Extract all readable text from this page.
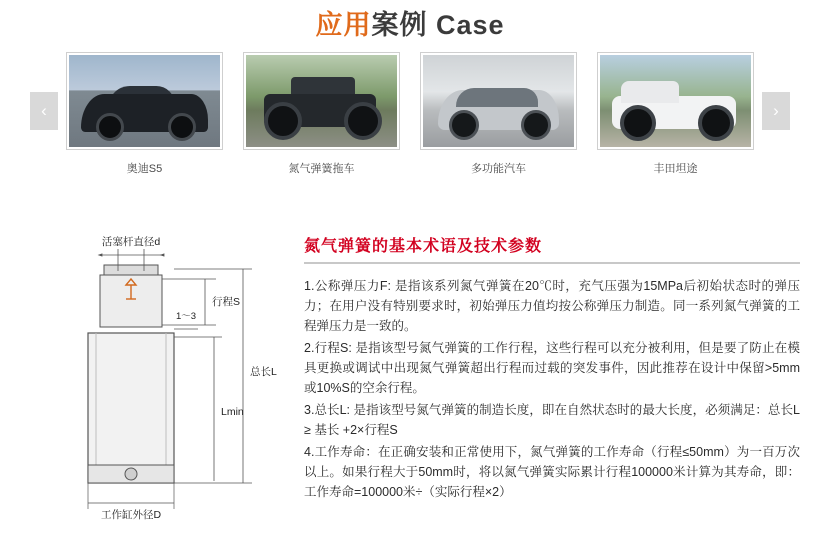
应用案例 Case
‹	›
奥迪S5	氮气弹簧拖车	多功能汽车	丰田坦途
活塞杆直径d
行程S
1～3
总长L
Lmin
工作缸外径D
氮气弹簧的基本术语及技术参数

1.公称弹压力F: 是指该系列氮气弹簧在20℃时，充气压强为15MPa后初始状态时的弹压力；在用户没有特别要求时，初始弹压力值均按公称弹压力制造。同一系列氮气弹簧的工程弹压力是一致的。

2.行程S: 是指该型号氮气弹簧的工作行程，这些行程可以充分被利用，但是要了防止在模具更换或调试中出现氮气弹簧超出行程而过载的突发事件，因此推荐在设计中保留>5mm或10%S的空余行程。

3.总长L: 是指该型号氮气弹簧的制造长度，即在自然状态时的最大长度，必须满足：总长L ≥ 基长 +2×行程S

4.工作寿命：在正确安装和正常使用下，氮气弹簧的工作寿命（行程≤50mm）为一百万次以上。如果行程大于50mm时，将以氮气弹簧实际累计行程100000米计算为其寿命，即：工作寿命=100000米÷（实际行程×2）
